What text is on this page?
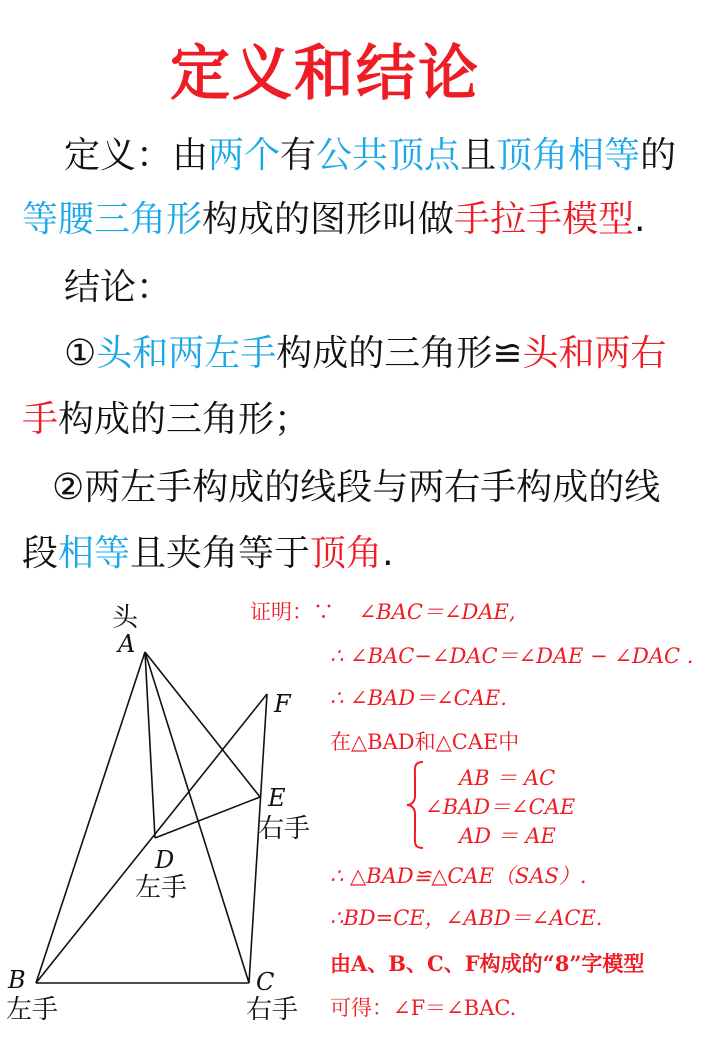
定义和结论
定义：由两个有公共顶点且顶角相等的
等腰三角形构成的图形叫做手拉手模型.
结论：
①头和两左手构成的三角形≌头和两右
手构成的三角形；
②两左手构成的线段与两右手构成的线
段相等且夹角等于顶角.
A
F
E
D
B	C
头
右手
左手
左手	右手
证明：∵ ∠BAC＝∠DAE,
∴ ∠BAC−∠DAC＝∠DAE − ∠DAC .
∴ ∠BAD＝∠CAE.
在△BAD和△CAE中
AB ＝ AC
∠BAD＝∠CAE
AD ＝ AE
∴ △BAD≌△CAE（SAS）.
∴BD=CE，∠ABD＝∠ACE.
由A、B、C、F构成的“8”字模型
可得：∠F＝∠BAC.
